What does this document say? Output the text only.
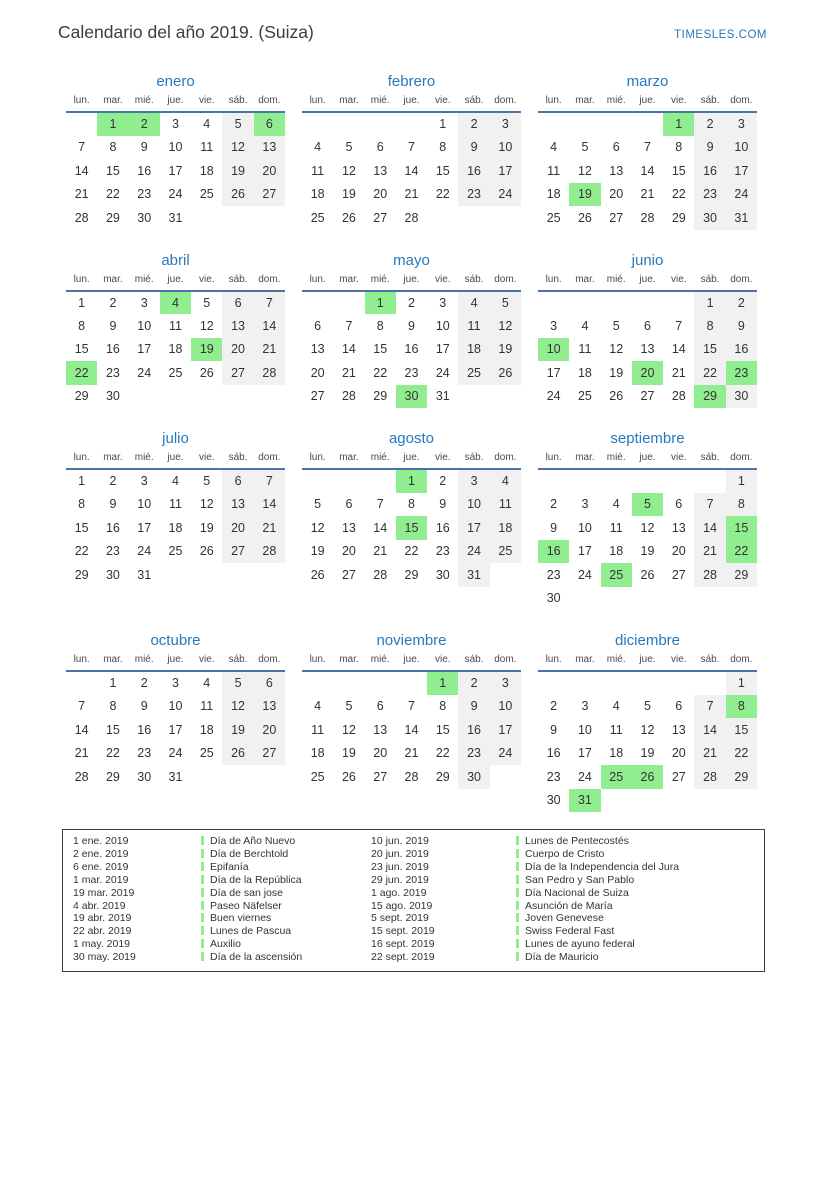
Calendario del año 2019. (Suiza)	TIMESLES.COM
enero
lun.	mar.	mié.	jue.	vie.	sáb.	dom.
	1	2	3	4	5	6
7	8	9	10	11	12	13
14	15	16	17	18	19	20
21	22	23	24	25	26	27
28	29	30	31			
febrero
lun.	mar.	mié.	jue.	vie.	sáb.	dom.
				1	2	3
4	5	6	7	8	9	10
11	12	13	14	15	16	17
18	19	20	21	22	23	24
25	26	27	28			
marzo
lun.	mar.	mié.	jue.	vie.	sáb.	dom.
				1	2	3
4	5	6	7	8	9	10
11	12	13	14	15	16	17
18	19	20	21	22	23	24
25	26	27	28	29	30	31
abril
lun.	mar.	mié.	jue.	vie.	sáb.	dom.
1	2	3	4	5	6	7
8	9	10	11	12	13	14
15	16	17	18	19	20	21
22	23	24	25	26	27	28
29	30					
mayo
lun.	mar.	mié.	jue.	vie.	sáb.	dom.
		1	2	3	4	5
6	7	8	9	10	11	12
13	14	15	16	17	18	19
20	21	22	23	24	25	26
27	28	29	30	31		
junio
lun.	mar.	mié.	jue.	vie.	sáb.	dom.
					1	2
3	4	5	6	7	8	9
10	11	12	13	14	15	16
17	18	19	20	21	22	23
24	25	26	27	28	29	30
julio
lun.	mar.	mié.	jue.	vie.	sáb.	dom.
1	2	3	4	5	6	7
8	9	10	11	12	13	14
15	16	17	18	19	20	21
22	23	24	25	26	27	28
29	30	31				
agosto
lun.	mar.	mié.	jue.	vie.	sáb.	dom.
			1	2	3	4
5	6	7	8	9	10	11
12	13	14	15	16	17	18
19	20	21	22	23	24	25
26	27	28	29	30	31	
septiembre
lun.	mar.	mié.	jue.	vie.	sáb.	dom.
						1
2	3	4	5	6	7	8
9	10	11	12	13	14	15
16	17	18	19	20	21	22
23	24	25	26	27	28	29
30						
octubre
lun.	mar.	mié.	jue.	vie.	sáb.	dom.
	1	2	3	4	5	6
7	8	9	10	11	12	13
14	15	16	17	18	19	20
21	22	23	24	25	26	27
28	29	30	31			
noviembre
lun.	mar.	mié.	jue.	vie.	sáb.	dom.
				1	2	3
4	5	6	7	8	9	10
11	12	13	14	15	16	17
18	19	20	21	22	23	24
25	26	27	28	29	30	
diciembre
lun.	mar.	mié.	jue.	vie.	sáb.	dom.
						1
2	3	4	5	6	7	8
9	10	11	12	13	14	15
16	17	18	19	20	21	22
23	24	25	26	27	28	29
30	31					
1 ene. 2019	Día de Año Nuevo	10 jun. 2019	Lunes de Pentecostés
2 ene. 2019	Día de Berchtold	20 jun. 2019	Cuerpo de Cristo
6 ene. 2019	Epifanía	23 jun. 2019	Día de la Independencia del Jura
1 mar. 2019	Día de la República	29 jun. 2019	San Pedro y San Pablo
19 mar. 2019	Día de san jose	1 ago. 2019	Día Nacional de Suiza
4 abr. 2019	Paseo Näfelser	15 ago. 2019	Asunción de María
19 abr. 2019	Buen viernes	5 sept. 2019	Joven Genevese
22 abr. 2019	Lunes de Pascua	15 sept. 2019	Swiss Federal Fast
1 may. 2019	Auxilio	16 sept. 2019	Lunes de ayuno federal
30 may. 2019	Día de la ascensión	22 sept. 2019	Día de Mauricio
